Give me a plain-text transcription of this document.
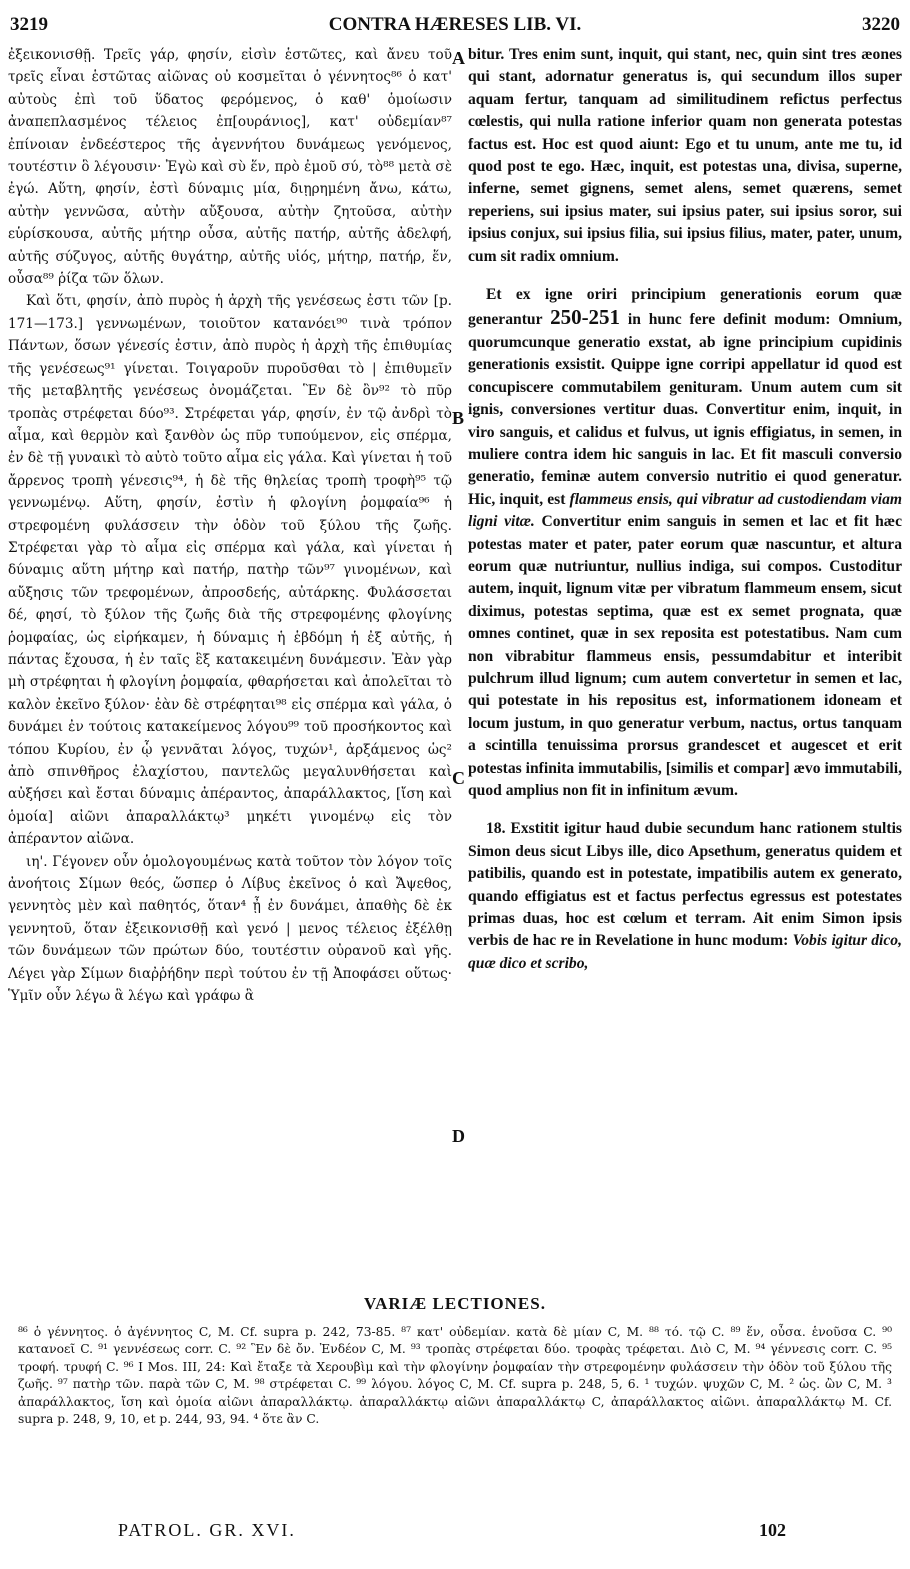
3219	CONTRA HÆRESES LIB. VI.	3220

ἐξεικονισθῇ. Τρεῖς γάρ, φησίν, εἰσὶν ἑστῶτες, καὶ ἄνευ τοῦ τρεῖς εἶναι ἑστῶτας αἰῶνας οὐ κοσμεῖται ὁ γέννητος⁸⁶ ὁ κατ' αὐτοὺς ἐπὶ τοῦ ὕδατος φερόμενος, ὁ καθ' ὁμοίωσιν ἀναπεπλασμένος τέλειος ἐπ[ουράνιος], κατ' οὐδεμίαν⁸⁷ ἐπίνοιαν ἐνδεέστερος τῆς ἀγεννήτου δυνάμεως γενόμενος, τουτέστιν ὃ λέγουσιν· Ἐγὼ καὶ σὺ ἕν, πρὸ ἐμοῦ σύ, τὸ⁸⁸ μετὰ σὲ ἐγώ. Αὕτη, φησίν, ἐστὶ δύναμις μία, διῃρημένη ἄνω, κάτω, αὐτὴν γεννῶσα, αὐτὴν αὔξουσα, αὐτὴν ζητοῦσα, αὐτὴν εὑρίσκουσα, αὐτῆς μήτηρ οὖσα, αὐτῆς πατήρ, αὐτῆς ἀδελφή, αὐτῆς σύζυγος, αὐτῆς θυγάτηρ, αὐτῆς υἱός, μήτηρ, πατήρ, ἕν, οὖσα⁸⁹ ῥίζα τῶν ὅλων.

Καὶ ὅτι, φησίν, ἀπὸ πυρὸς ἡ ἀρχὴ τῆς γενέσεως ἐστι τῶν [p. 171—173.] γεννωμένων, τοιοῦτον κατανόει⁹⁰ τινὰ τρόπον Πάντων, ὅσων γένεσίς ἐστιν, ἀπὸ πυρὸς ἡ ἀρχὴ τῆς ἐπιθυμίας τῆς γενέσεως⁹¹ γίνεται. Τοιγαροῦν πυροῦσθαι τὸ | ἐπιθυμεῖν τῆς μεταβλητῆς γενέσεως ὀνομάζεται. Ἓν δὲ ὂν⁹² τὸ πῦρ τροπὰς στρέφεται δύο⁹³. Στρέφεται γάρ, φησίν, ἐν τῷ ἀνδρὶ τὸ αἷμα, καὶ θερμὸν καὶ ξανθὸν ὡς πῦρ τυπούμενον, εἰς σπέρμα, ἐν δὲ τῇ γυναικὶ τὸ αὐτὸ τοῦτο αἷμα εἰς γάλα. Καὶ γίνεται ἡ τοῦ ἄρρενος τροπὴ γένεσις⁹⁴, ἡ δὲ τῆς θηλείας τροπὴ τροφὴ⁹⁵ τῷ γεννωμένῳ. Αὕτη, φησίν, ἐστὶν ἡ φλογίνη ῥομφαία⁹⁶ ἡ στρεφομένη φυλάσσειν τὴν ὁδὸν τοῦ ξύλου τῆς ζωῆς. Στρέφεται γὰρ τὸ αἷμα εἰς σπέρμα καὶ γάλα, καὶ γίνεται ἡ δύναμις αὕτη μήτηρ καὶ πατήρ, πατὴρ τῶν⁹⁷ γινομένων, καὶ αὔξησις τῶν τρεφομένων, ἀπροσδεής, αὐτάρκης. Φυλάσσεται δέ, φησί, τὸ ξύλον τῆς ζωῆς διὰ τῆς στρεφομένης φλογίνης ῥομφαίας, ὡς εἰρήκαμεν, ἡ δύναμις ἡ ἑβδόμη ἡ ἐξ αὐτῆς, ἡ πάντας ἔχουσα, ἡ ἐν ταῖς ἓξ κατακειμένη δυνάμεσιν. Ἐὰν γὰρ μὴ στρέφηται ἡ φλογίνη ῥομφαία, φθαρήσεται καὶ ἀπολεῖται τὸ καλὸν ἐκεῖνο ξύλον· ἐὰν δὲ στρέφηται⁹⁸ εἰς σπέρμα καὶ γάλα, ὁ δυνάμει ἐν τούτοις κατακείμενος λόγου⁹⁹ τοῦ προσήκοντος καὶ τόπου Κυρίου, ἐν ᾧ γεννᾶται λόγος, τυχών¹, ἀρξάμενος ὡς² ἀπὸ σπινθῆρος ἐλαχίστου, παντελῶς μεγαλυνθήσεται καὶ αὐξήσει καὶ ἔσται δύναμις ἀπέραντος, ἀπαράλλακτος, [ἴση καὶ ὁμοία] αἰῶνι ἀπαραλλάκτῳ³ μηκέτι γινομένῳ εἰς τὸν ἀπέραντον αἰῶνα.

ιη'. Γέγονεν οὖν ὁμολογουμένως κατὰ τοῦτον τὸν λόγον τοῖς ἀνοήτοις Σίμων θεός, ὥσπερ ὁ Λίβυς ἐκεῖνος ὁ καὶ Ἄψεθος, γεννητὸς μὲν καὶ παθητός, ὅταν⁴ ᾖ ἐν δυνάμει, ἀπαθὴς δὲ ἐκ γεννητοῦ, ὅταν ἐξεικονισθῇ καὶ γενό | μενος τέλειος ἐξέλθῃ τῶν δυνάμεων τῶν πρώτων δύο, τουτέστιν οὐρανοῦ καὶ γῆς. Λέγει γὰρ Σίμων διαῤῥήδην περὶ τούτου ἐν τῇ Ἀποφάσει οὕτως· Ὑμῖν οὖν λέγω ἃ λέγω καὶ γράφω ἃ

A
B
C
D

bitur. Tres enim sunt, inquit, qui stant, nec, quin sint tres æones qui stant, adornatur generatus is, qui secundum illos super aquam fertur, tanquam ad similitudinem refictus perfectus cœlestis, qui nulla ratione inferior quam non generata potestas factus est. Hoc est quod aiunt: Ego et tu unum, ante me tu, id quod post te ego. Hæc, inquit, est potestas una, divisa, superne, inferne, semet gignens, semet alens, semet quærens, semet reperiens, sui ipsius mater, sui ipsius pater, sui ipsius soror, sui ipsius conjux, sui ipsius filia, sui ipsius filius, mater, pater, unum, cum sit radix omnium.

Et ex igne oriri principium generationis eorum quæ generantur 250-251 in hunc fere definit modum: Omnium, quorumcunque generatio exstat, ab igne principium cupidinis generationis exsistit. Quippe igne corripi appellatur id quod est concupiscere commutabilem genituram. Unum autem cum sit ignis, conversiones vertitur duas. Convertitur enim, inquit, in viro sanguis, et calidus et fulvus, ut ignis effigiatus, in semen, in muliere contra idem hic sanguis in lac. Et fit masculi conversio generatio, feminæ autem conversio nutritio ei quod generatur. Hic, inquit, est flammeus ensis, qui vibratur ad custodiendam viam ligni vitæ. Convertitur enim sanguis in semen et lac et fit hæc potestas mater et pater, pater eorum quæ nascuntur, et altura eorum quæ nutriuntur, nullius indiga, sui compos. Custoditur autem, inquit, lignum vitæ per vibratum flammeum ensem, sicut diximus, potestas septima, quæ est ex semet prognata, quæ omnes continet, quæ in sex reposita est potestatibus. Nam cum non vibrabitur flammeus ensis, pessumdabitur et interibit pulchrum illud lignum; cum autem convertetur in semen et lac, qui potestate in his repositus est, informationem idoneam et locum justum, in quo generatur verbum, nactus, ortus tanquam a scintilla tenuissima prorsus grandescet et augescet et erit potestas infinita immutabilis, [similis et compar] ævo immutabili, quod amplius non fit in infinitum ævum.

18. Exstitit igitur haud dubie secundum hanc rationem stultis Simon deus sicut Libys ille, dico Apsethum, generatus quidem et patibilis, quando est in potestate, impatibilis autem ex generato, quando effigiatus est et factus perfectus egressus est potestates primas duas, hoc est cœlum et terram. Ait enim Simon ipsis verbis de hac re in Revelatione in hunc modum: Vobis igitur dico, quæ dico et scribo,

VARIÆ LECTIONES.
⁸⁶ ὁ γέννητος. ὁ ἀγέννητος C, M. Cf. supra p. 242, 73-85. ⁸⁷ κατ' οὐδεμίαν. κατὰ δὲ μίαν C, M. ⁸⁸ τό. τῷ C. ⁸⁹ ἕν, οὖσα. ἑνοῦσα C. ⁹⁰ κατανοεῖ C. ⁹¹ γεννέσεως corr. C. ⁹² Ἓν δὲ ὄν. Ἐνδέον C, M. ⁹³ τροπὰς στρέφεται δύο. τροφὰς τρέφεται. Διὸ C, M. ⁹⁴ γέννεσις corr. C. ⁹⁵ τροφή. τρυφή C. ⁹⁶ I Mos. III, 24: Καὶ ἔταξε τὰ Χερουβὶμ καὶ τὴν φλογίνην ῥομφαίαν τὴν στρεφομένην φυλάσσειν τὴν ὁδὸν τοῦ ξύλου τῆς ζωῆς. ⁹⁷ πατὴρ τῶν. παρὰ τῶν C, M. ⁹⁸ στρέφεται C. ⁹⁹ λόγου. λόγος C, M. Cf. supra p. 248, 5, 6. ¹ τυχών. ψυχῶν C, M. ² ὡς. ὢν C, M. ³ ἀπαράλλακτος, ἴση καὶ ὁμοία αἰῶνι ἀπαραλλάκτῳ. ἀπαραλλάκτῳ αἰῶνι ἀπαραλλάκτῳ C, ἀπαράλλακτος αἰῶνι. ἀπαραλλάκτῳ M. Cf. supra p. 248, 9, 10, et p. 244, 93, 94. ⁴ ὅτε ἂν C.
PATROL. GR. XVI.	102
